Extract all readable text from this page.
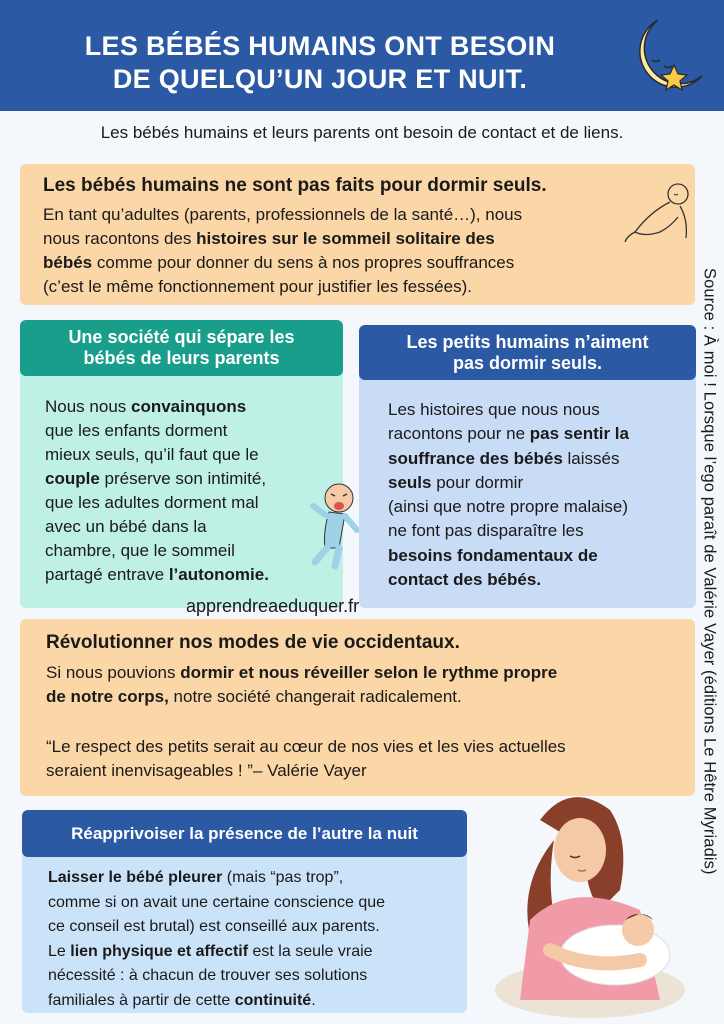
LES BÉBÉS HUMAINS ONT BESOIN
DE QUELQU’UN JOUR ET NUIT.
Les bébés humains et leurs parents ont besoin de contact et de liens.
Les bébés humains ne sont pas faits pour dormir seuls.
En tant qu’adultes (parents, professionnels de la santé…), nous
nous racontons des histoires sur le sommeil solitaire des
bébés comme pour donner du sens à nos propres souffrances
(c’est le même fonctionnement pour justifier les fessées).
Une société qui sépare les
bébés de leurs parents
Nous nous convainquons
que les enfants dorment
mieux seuls, qu’il faut que le
couple préserve son intimité,
que les adultes dorment mal
avec un bébé dans la
chambre, que le sommeil
partagé entrave l’autonomie.
Les petits humains n’aiment
pas dormir seuls.
Les histoires que nous nous
racontons pour ne pas sentir la
souffrance des bébés laissés
seuls pour dormir
(ainsi que notre propre malaise)
ne font pas disparaître les
besoins fondamentaux de
contact des bébés.
apprendreaeduquer.fr
Révolutionner nos modes de vie occidentaux.
Si nous pouvions dormir et nous réveiller selon le rythme propre
de notre corps, notre société changerait radicalement.
“Le respect des petits serait au cœur de nos vies et les vies actuelles
seraient inenvisageables ! ”– Valérie Vayer
Réapprivoiser la présence de l’autre la nuit
Laisser le bébé pleurer (mais “pas trop”,
comme si on avait une certaine conscience que
ce conseil est brutal) est conseillé aux parents.
Le lien physique et affectif est la seule vraie
nécessité : à chacun de trouver ses solutions
familiales à partir de cette continuité.
Source : À moi ! Lorsque l’ego paraît de Valérie Vayer (éditions Le Hêtre Myriadis)
